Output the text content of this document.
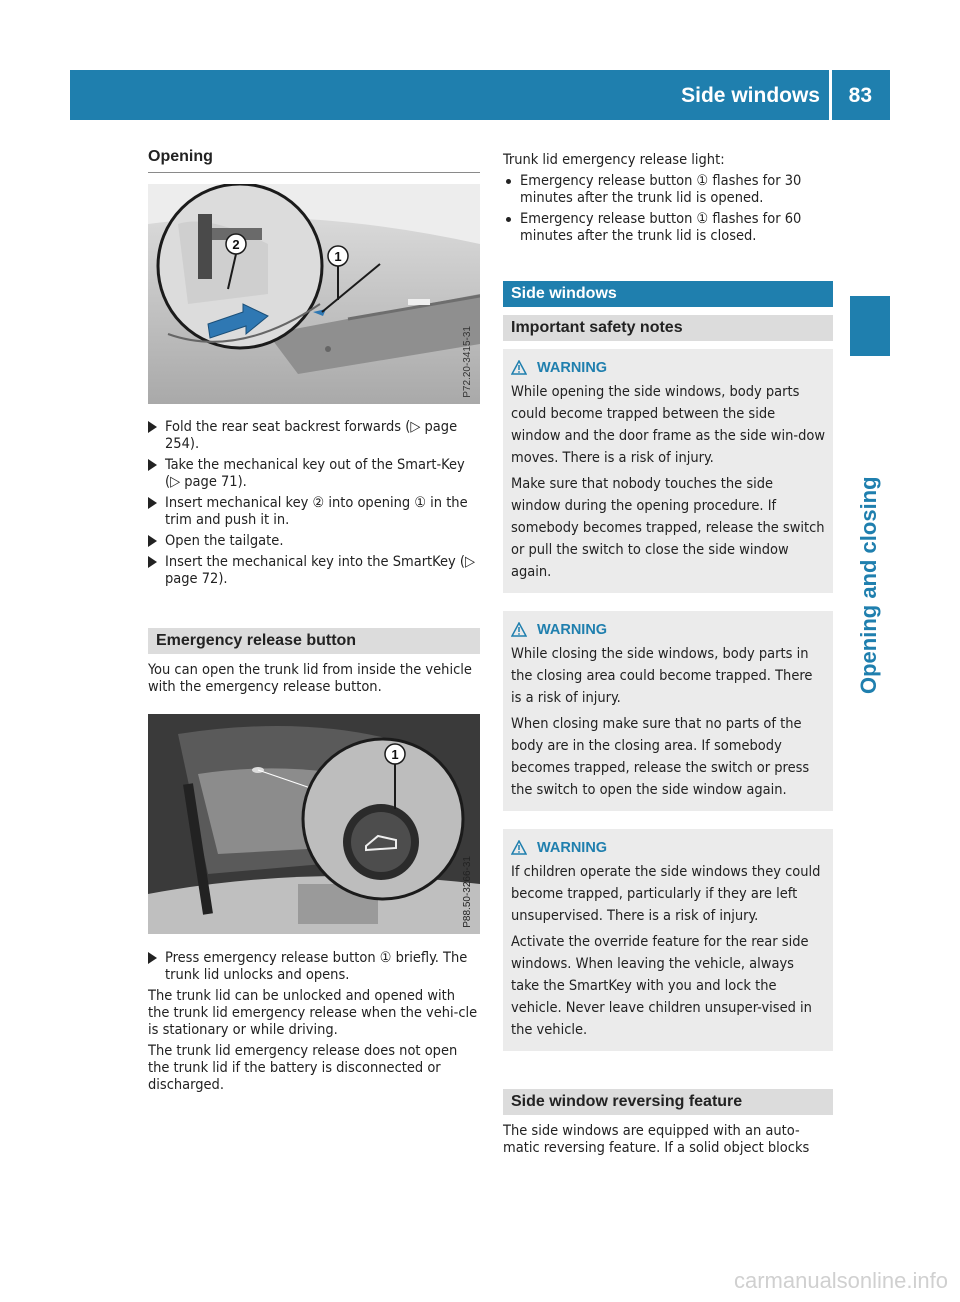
Side windows 83
Opening and closing
Opening
1
2
P72.20-3415-31
Fold the rear seat backrest forwards (▷ page 254).
Take the mechanical key out of the Smart-Key (▷ page 71).
Insert mechanical key ② into opening ① in the trim and push it in.
Open the tailgate.
Insert the mechanical key into the SmartKey (▷ page 72).
Emergency release button

You can open the trunk lid from inside the vehicle with the emergency release button.

1
P88.50-3266-31
Press emergency release button ① briefly. The trunk lid unlocks and opens.

The trunk lid can be unlocked and opened with the trunk lid emergency release when the vehi-cle is stationary or while driving.

The trunk lid emergency release does not open the trunk lid if the battery is disconnected or discharged.

Trunk lid emergency release light:

Emergency release button ① flashes for 30 minutes after the trunk lid is opened.
Emergency release button ① flashes for 60 minutes after the trunk lid is closed.
Side windows
Important safety notes
WARNING

While opening the side windows, body parts could become trapped between the side window and the door frame as the side win-dow moves. There is a risk of injury.

Make sure that nobody touches the side window during the opening procedure. If somebody becomes trapped, release the switch or pull the switch to close the side window again.

WARNING

While closing the side windows, body parts in the closing area could become trapped. There is a risk of injury.

When closing make sure that no parts of the body are in the closing area. If somebody becomes trapped, release the switch or press the switch to open the side window again.

WARNING

If children operate the side windows they could become trapped, particularly if they are left unsupervised. There is a risk of injury.

Activate the override feature for the rear side windows. When leaving the vehicle, always take the SmartKey with you and lock the vehicle. Never leave children unsuper-vised in the vehicle.

Side window reversing feature

The side windows are equipped with an auto-matic reversing feature. If a solid object blocks

carmanualsonline.info
